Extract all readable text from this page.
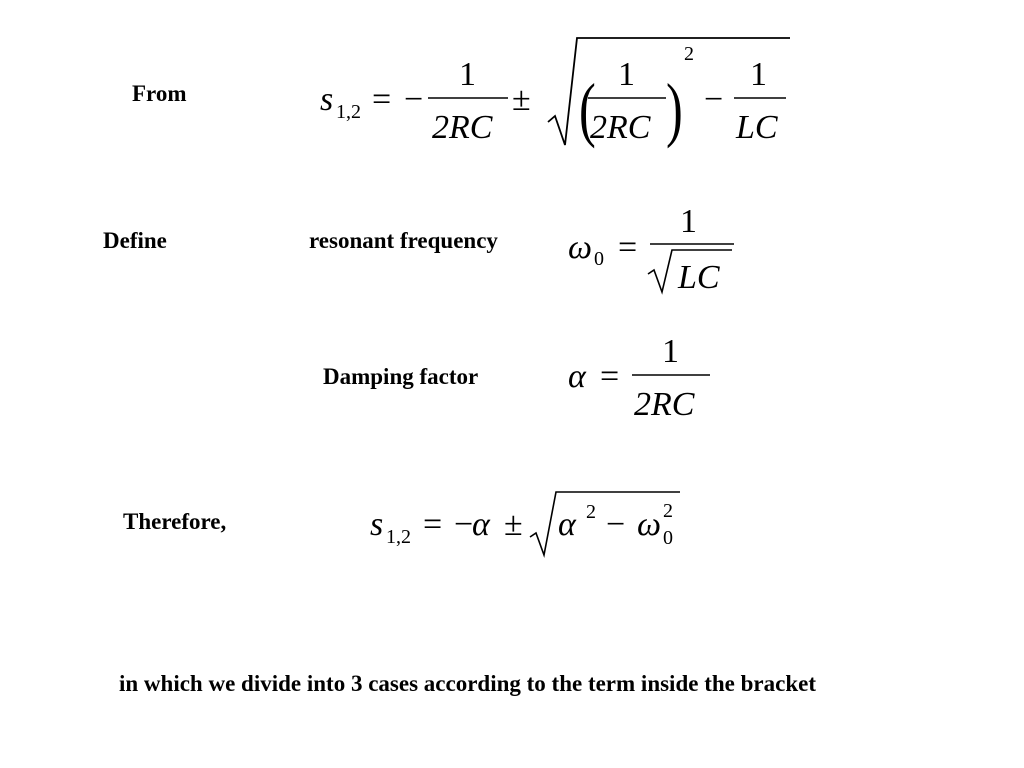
From
Define	resonant frequency
Damping factor
Therefore,
in which we divide into 3 cases according to the term inside the bracket
s 1,2 = −
1
2RC
± ( 1
2RC )
2
−
1
LC
ω 0 =
1
LC
α =
1
2RC
s 1,2 = −
α ± α 2 − ω 2
0
